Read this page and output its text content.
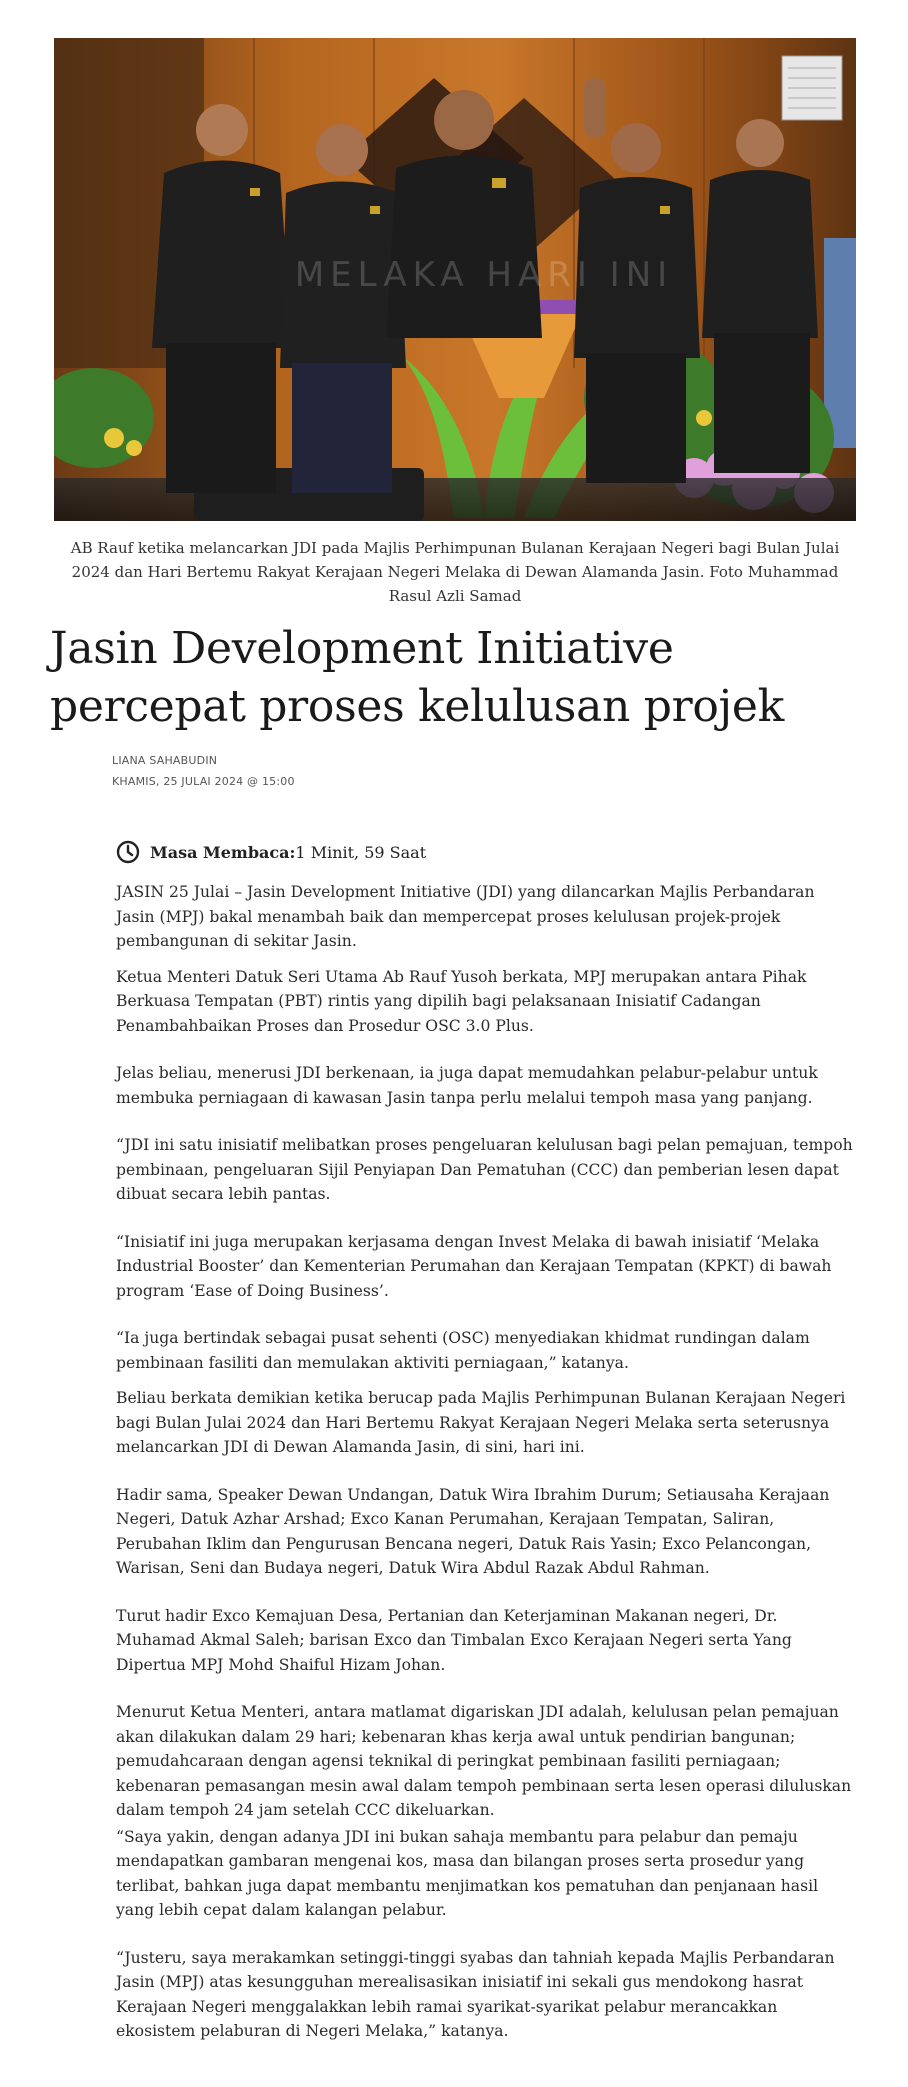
MELAKA HARI INI
AB Rauf ketika melancarkan JDI pada Majlis Perhimpunan Bulanan Kerajaan Negeri bagi Bulan Julai 2024 dan Hari Bertemu Rakyat Kerajaan Negeri Melaka di Dewan Alamanda Jasin. Foto Muhammad Rasul Azli Samad
Jasin Development Initiative
percepat proses kelulusan projek
LIANA SAHABUDIN
KHAMIS, 25 JULAI 2024 @ 15:00
Masa Membaca: 1 Minit, 59 Saat

JASIN 25 Julai – Jasin Development Initiative (JDI) yang dilancarkan Majlis Perbandaran Jasin (MPJ) bakal menambah baik dan mempercepat proses kelulusan projek-projek pembangunan di sekitar Jasin.

Ketua Menteri Datuk Seri Utama Ab Rauf Yusoh berkata, MPJ merupakan antara Pihak Berkuasa Tempatan (PBT) rintis yang dipilih bagi pelaksanaan Inisiatif Cadangan Penambahbaikan Proses dan Prosedur OSC 3.0 Plus.

Jelas beliau, menerusi JDI berkenaan, ia juga dapat memudahkan pelabur-pelabur untuk membuka perniagaan di kawasan Jasin tanpa perlu melalui tempoh masa yang panjang.

“JDI ini satu inisiatif melibatkan proses pengeluaran kelulusan bagi pelan pemajuan, tempoh pembinaan, pengeluaran Sijil Penyiapan Dan Pematuhan (CCC) dan pemberian lesen dapat dibuat secara lebih pantas.

“Inisiatif ini juga merupakan kerjasama dengan Invest Melaka di bawah inisiatif ‘Melaka Industrial Booster’ dan Kementerian Perumahan dan Kerajaan Tempatan (KPKT) di bawah program ‘Ease of Doing Business’.

“Ia juga bertindak sebagai pusat sehenti (OSC) menyediakan khidmat rundingan dalam pembinaan fasiliti dan memulakan aktiviti perniagaan,” katanya.

Beliau berkata demikian ketika berucap pada Majlis Perhimpunan Bulanan Kerajaan Negeri bagi Bulan Julai 2024 dan Hari Bertemu Rakyat Kerajaan Negeri Melaka serta seterusnya melancarkan JDI di Dewan Alamanda Jasin, di sini, hari ini.

Hadir sama, Speaker Dewan Undangan, Datuk Wira Ibrahim Durum; Setiausaha Kerajaan Negeri, Datuk Azhar Arshad; Exco Kanan Perumahan, Kerajaan Tempatan, Saliran, Perubahan Iklim dan Pengurusan Bencana negeri, Datuk Rais Yasin; Exco Pelancongan, Warisan, Seni dan Budaya negeri, Datuk Wira Abdul Razak Abdul Rahman.

Turut hadir Exco Kemajuan Desa, Pertanian dan Keterjaminan Makanan negeri, Dr. Muhamad Akmal Saleh; barisan Exco dan Timbalan Exco Kerajaan Negeri serta Yang Dipertua MPJ Mohd Shaiful Hizam Johan.

Menurut Ketua Menteri, antara matlamat digariskan JDI adalah, kelulusan pelan pemajuan akan dilakukan dalam 29 hari; kebenaran khas kerja awal untuk pendirian bangunan; pemudahcaraan dengan agensi teknikal di peringkat pembinaan fasiliti perniagaan; kebenaran pemasangan mesin awal dalam tempoh pembinaan serta lesen operasi diluluskan dalam tempoh 24 jam setelah CCC dikeluarkan.

“Saya yakin, dengan adanya JDI ini bukan sahaja membantu para pelabur dan pemaju mendapatkan gambaran mengenai kos, masa dan bilangan proses serta prosedur yang terlibat, bahkan juga dapat membantu menjimatkan kos pematuhan dan penjanaan hasil yang lebih cepat dalam kalangan pelabur.

“Justeru, saya merakamkan setinggi-tinggi syabas dan tahniah kepada Majlis Perbandaran Jasin (MPJ) atas kesungguhan merealisasikan inisiatif ini sekali gus mendokong hasrat Kerajaan Negeri menggalakkan lebih ramai syarikat-syarikat pelabur merancakkan ekosistem pelaburan di Negeri Melaka,” katanya.
